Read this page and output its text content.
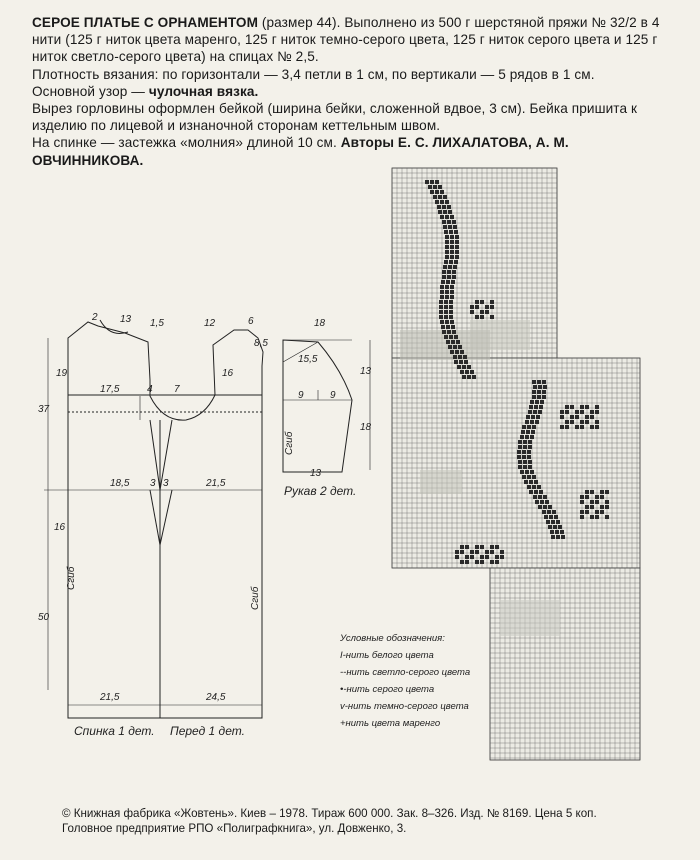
СЕРОЕ ПЛАТЬЕ С ОРНАМЕНТОМ (размер 44). Выполнено из 500 г шерстяной пряжи № 32/2 в 4 нити (125 г ниток цвета маренго, 125 г ниток темно-серого цвета, 125 г ниток серого цвета и 125 г ниток светло-серого цвета) на спицах № 2,5.

Плотность вязания: по горизонтали — 3,4 петли в 1 см, по вертикали — 5 рядов в 1 см.

Основной узор — чулочная вязка.

Вырез горловины оформлен бейкой (ширина бейки, сложенной вдвое, 3 см). Бейка пришита к изделию по лицевой и изнаночной сторонам кеттельным швом.

На спинке — застежка «молния» длиной 10 см. Авторы Е. С. ЛИХАЛАТОВА, А. М. ОВЧИННИКОВА.

2 13 1,5	12	6
8,5
19
17,5	4 7
16
37
18,5 3 3	21,5
16
50
21,5	24,5
Сгиб
Сгиб
18
15,5
13
9	9
18
13
Сгиб
Спинка 1 дет. Перед 1 дет.
Рукав 2 дет.
Условные обозначения:
I-нить белого цвета
--нить светло-серого цвета
•-нить серого цвета
v-нить темно-серого цвета
+нить цвета маренго
© Книжная фабрика «Жовтень». Киев – 1978. Тираж 600 000. Зак. 8–326. Изд. № 8169. Цена 5 коп.
Головное предприятие РПО «Полиграфкнига», ул. Довженко, 3.
